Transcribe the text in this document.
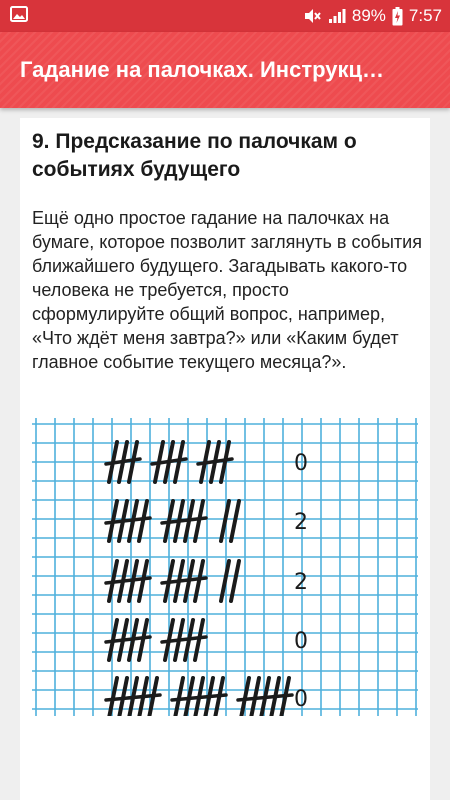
89% 7:57
Гадание на палочках. Инструкц…
9. Предсказание по палочкам о событиях будущего

Ещё одно простое гадание на палочках на бумаге, которое позволит заглянуть в события ближайшего будущего. Загадывать какого-то человека не требуется, просто сформулируйте общий вопрос, например, «Что ждёт меня завтра?» или «Каким будет главное событие текущего месяца?».

0
2
2
0
0
